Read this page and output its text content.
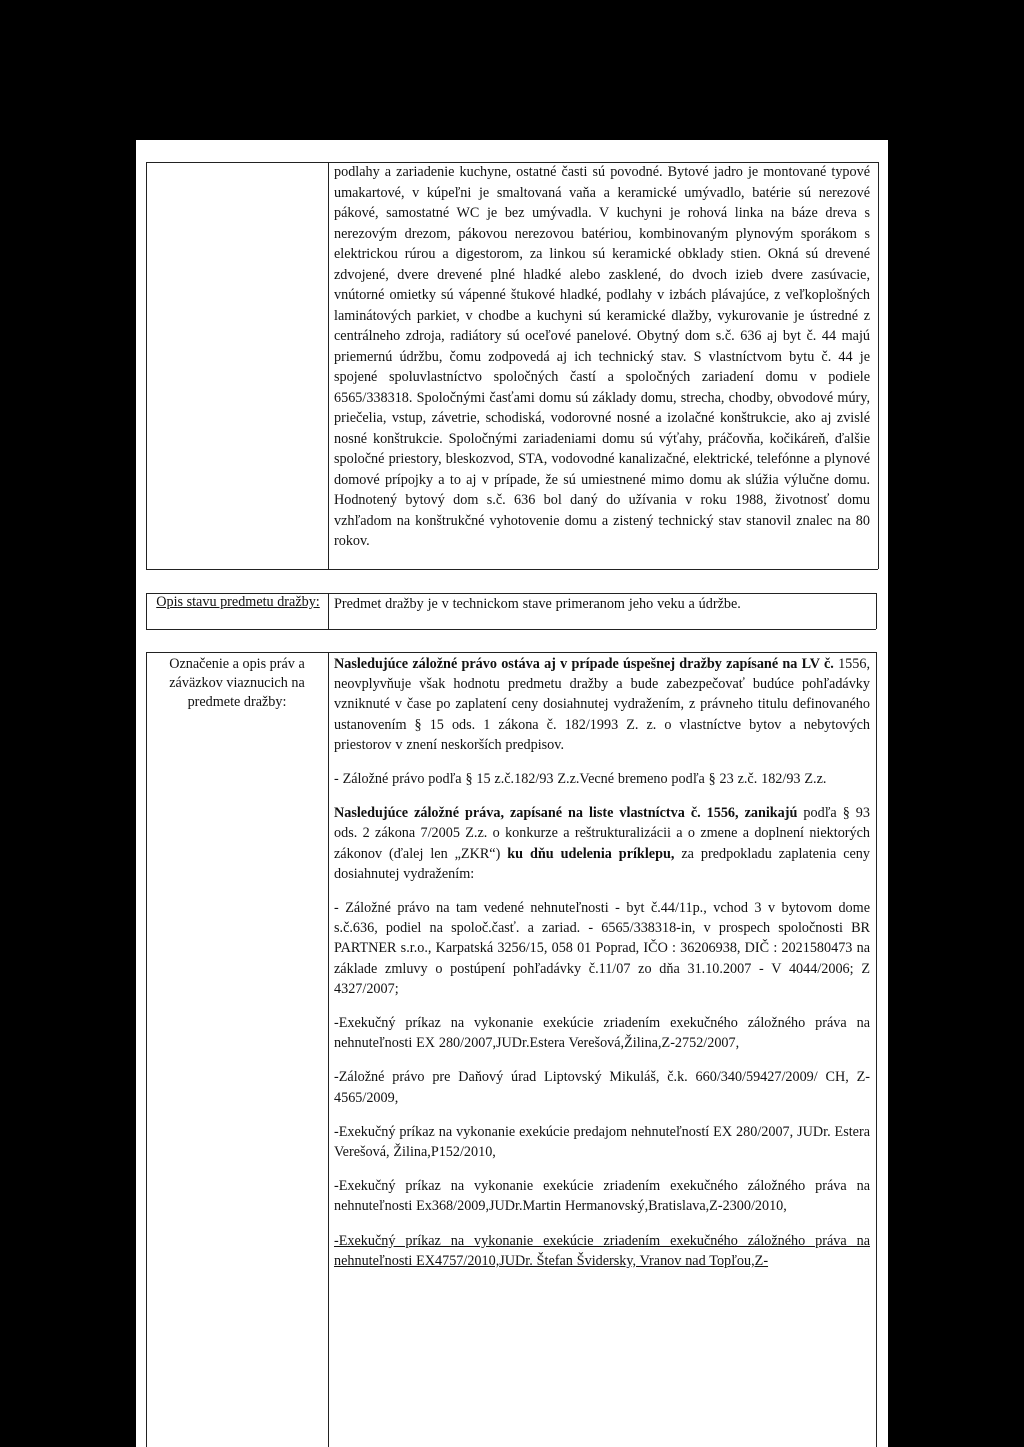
podlahy a zariadenie kuchyne, ostatné časti sú povodné. Bytové jadro je montované typové umakartové, v kúpeľni je smaltovaná vaňa a keramické umývadlo, batérie sú nerezové pákové, samostatné WC je bez umývadla. V kuchyni je rohová linka na báze dreva s nerezovým drezom, pákovou nerezovou batériou, kombinovaným plynovým sporákom s elektrickou rúrou a digestorom, za linkou sú keramické obklady stien. Okná sú drevené zdvojené, dvere drevené plné hladké alebo zasklené, do dvoch izieb dvere zasúvacie, vnútorné omietky sú vápenné štukové hladké, podlahy v izbách plávajúce, z veľkoplošných laminátových parkiet, v chodbe a kuchyni sú keramické dlažby, vykurovanie je ústredné z centrálneho zdroja, radiátory sú oceľové panelové. Obytný dom s.č. 636 aj byt č. 44 majú priemernú údržbu, čomu zodpovedá aj ich technický stav. S vlastníctvom bytu č. 44 je spojené spoluvlastníctvo spoločných častí a spoločných zariadení domu v podiele 6565/338318. Spoločnými časťami domu sú základy domu, strecha, chodby, obvodové múry, priečelia, vstup, závetrie, schodiská, vodorovné nosné a izolačné konštrukcie, ako aj zvislé nosné konštrukcie. Spoločnými zariadeniami domu sú výťahy, práčovňa, kočikáreň, ďalšie spoločné priestory, bleskozvod, STA, vodovodné kanalizačné, elektrické, telefónne a plynové domové prípojky a to aj v prípade, že sú umiestnené mimo domu ak slúžia výlučne domu. Hodnotený bytový dom s.č. 636 bol daný do užívania v roku 1988, životnosť domu vzhľadom na konštrukčné vyhotovenie domu a zistený technický stav stanovil znalec na 80 rokov.

Opis stavu predmetu dražby:	Predmet dražby je v technickom stave primeranom jeho veku a údržbe.
Označenie a opis práv a záväzkov viaznucich na predmete dražby:

Nasledujúce záložné právo ostáva aj v prípade úspešnej dražby zapísané na LV č. 1556, neovplyvňuje však hodnotu predmetu dražby a bude zabezpečovať budúce pohľadávky vzniknuté v čase po zaplatení ceny dosiahnutej vydražením, z právneho titulu definovaného ustanovením § 15 ods. 1 zákona č. 182/1993 Z. z. o vlastníctve bytov a nebytových priestorov v znení neskorších predpisov.

- Záložné právo podľa § 15 z.č.182/93 Z.z.Vecné bremeno podľa § 23 z.č. 182/93 Z.z.

Nasledujúce záložné práva, zapísané na liste vlastníctva č. 1556, zanikajú podľa § 93 ods. 2 zákona 7/2005 Z.z. o konkurze a reštrukturalizácii a o zmene a doplnení niektorých zákonov (ďalej len „ZKR“) ku dňu udelenia príklepu, za predpokladu zaplatenia ceny dosiahnutej vydražením:

- Záložné právo na tam vedené nehnuteľnosti - byt č.44/11p., vchod 3 v bytovom dome s.č.636, podiel na spoloč.časť. a zariad. - 6565/338318-in, v prospech spoločnosti BR PARTNER s.r.o., Karpatská 3256/15, 058 01 Poprad, IČO : 36206938, DIČ : 2021580473 na základe zmluvy o postúpení pohľadávky č.11/07 zo dňa 31.10.2007 - V 4044/2006; Z 4327/2007;

-Exekučný príkaz na vykonanie exekúcie zriadením exekučného záložného práva na nehnuteľnosti EX 280/2007,JUDr.Estera Verešová,Žilina,Z-2752/2007,

-Záložné právo pre Daňový úrad Liptovský Mikuláš, č.k. 660/340/59427/2009/ CH, Z-4565/2009,

-Exekučný príkaz na vykonanie exekúcie predajom nehnuteľností EX 280/2007, JUDr. Estera Verešová, Žilina,P152/2010,

-Exekučný príkaz na vykonanie exekúcie zriadením exekučného záložného práva na nehnuteľnosti Ex368/2009,JUDr.Martin Hermanovský,Bratislava,Z-2300/2010,

-Exekučný príkaz na vykonanie exekúcie zriadením exekučného záložného práva na nehnuteľnosti EX4757/2010,JUDr. Štefan Švidersky, Vranov nad Topľou,Z-
